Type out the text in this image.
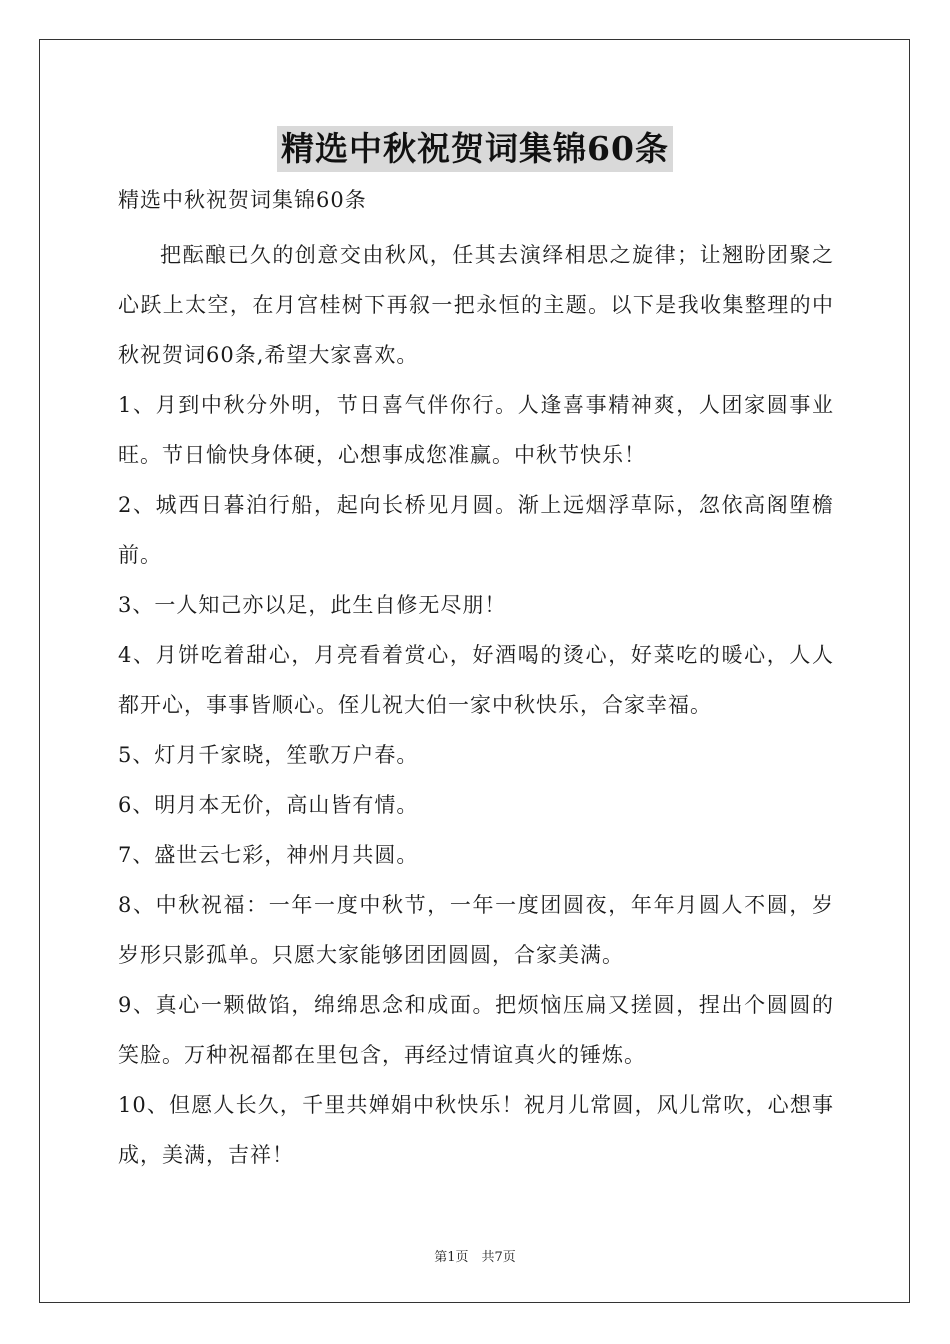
精选中秋祝贺词集锦60条

精选中秋祝贺词集锦60条

把酝酿已久的创意交由秋风，任其去演绎相思之旋律；让翘盼团聚之心跃上太空，在月宫桂树下再叙一把永恒的主题。以下是我收集整理的中秋祝贺词60条,希望大家喜欢。

1、月到中秋分外明，节日喜气伴你行。人逢喜事精神爽，人团家圆事业旺。节日愉快身体硬，心想事成您准赢。中秋节快乐！

2、城西日暮泊行船，起向长桥见月圆。渐上远烟浮草际，忽依高阁堕檐前。

3、一人知己亦以足，此生自修无尽朋！

4、月饼吃着甜心，月亮看着赏心，好酒喝的烫心，好菜吃的暖心，人人都开心，事事皆顺心。侄儿祝大伯一家中秋快乐，合家幸福。

5、灯月千家晓，笙歌万户春。

6、明月本无价，高山皆有情。

7、盛世云七彩，神州月共圆。

8、中秋祝福：一年一度中秋节，一年一度团圆夜，年年月圆人不圆，岁岁形只影孤单。只愿大家能够团团圆圆，合家美满。

9、真心一颗做馅，绵绵思念和成面。把烦恼压扁又搓圆，捏出个圆圆的笑脸。万种祝福都在里包含，再经过情谊真火的锤炼。

10、但愿人长久，千里共婵娟中秋快乐！祝月儿常圆，风儿常吹，心想事成，美满，吉祥！

第1页　共7页
